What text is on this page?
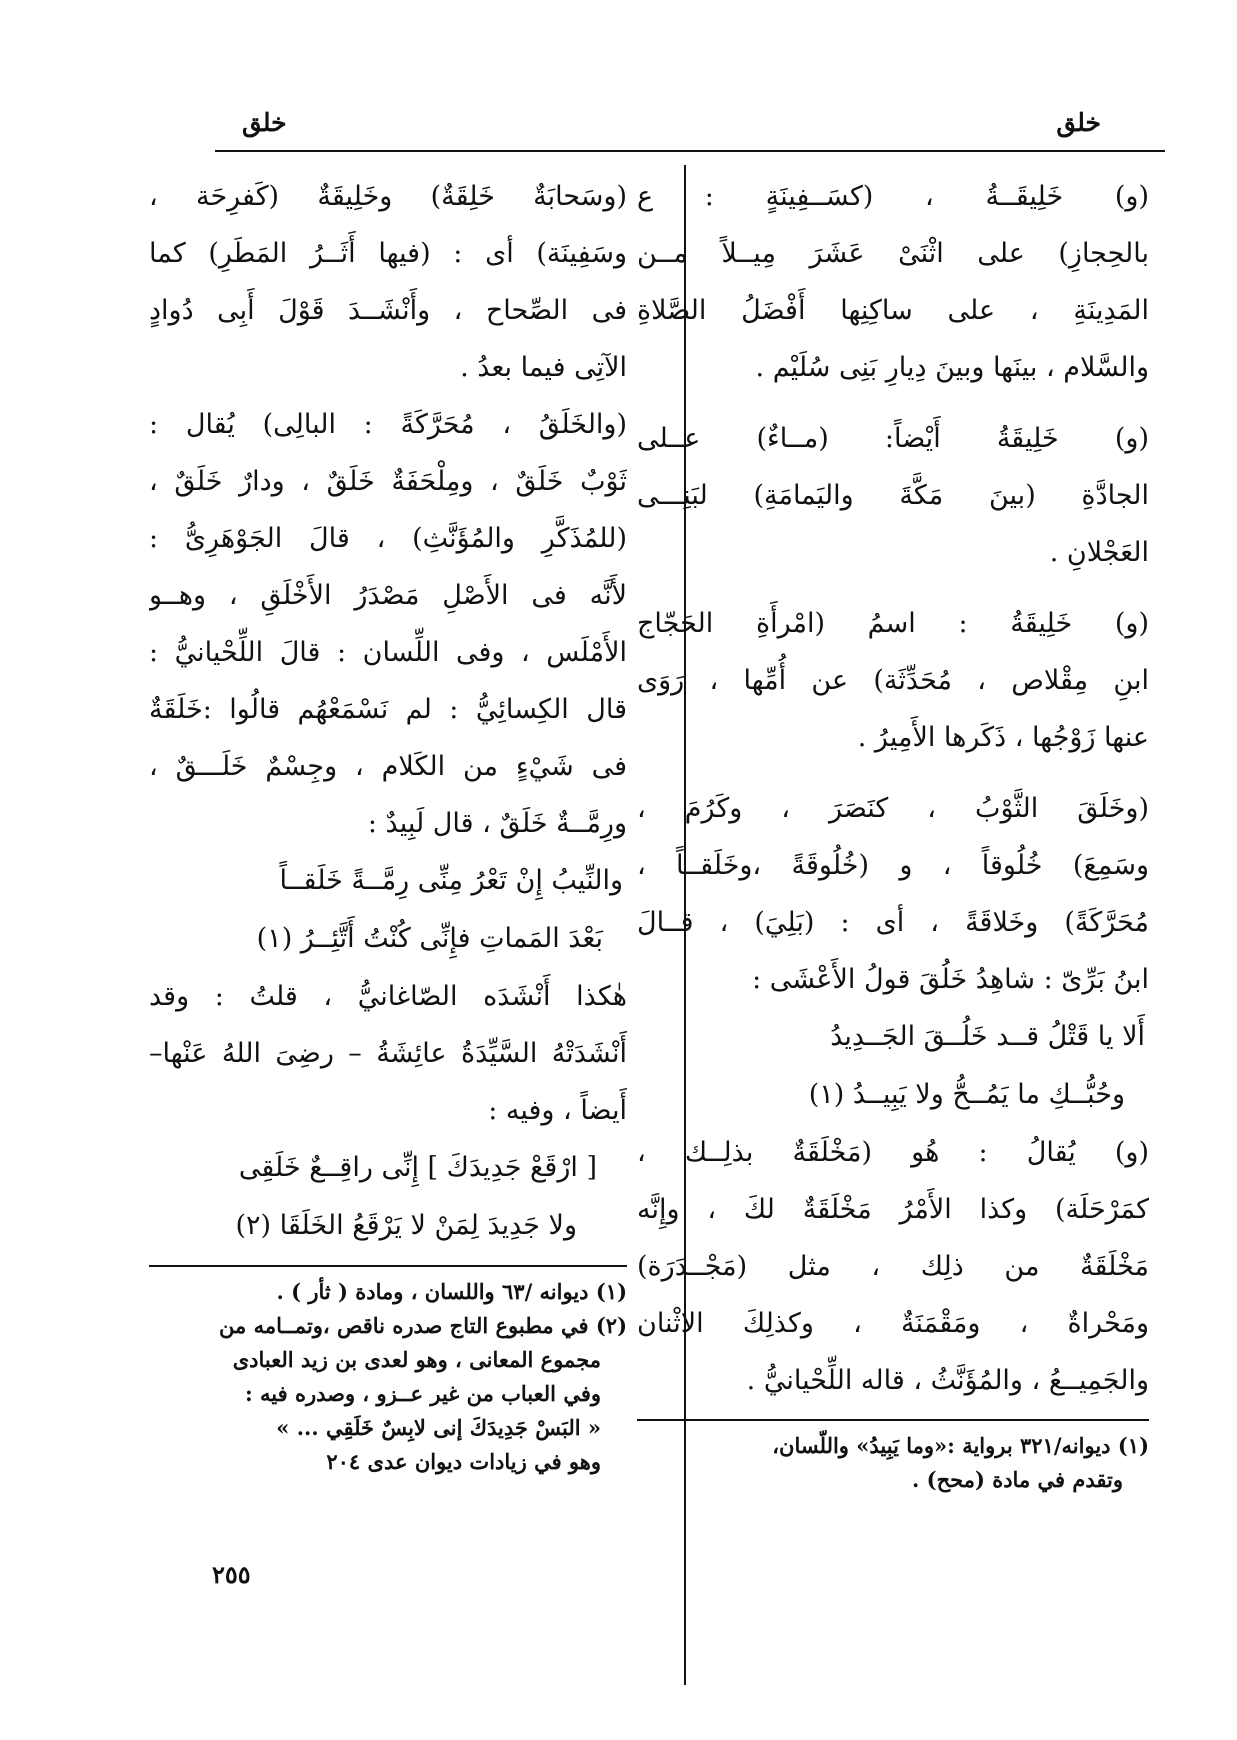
خلق
خلق
(و) خَلِيقَــةُ ، (كسَــفِينَةٍ : ع
بالحِجازِ) على اثْنَىْ عَشَرَ مِيــلاً مــن
المَدِينَةِ ، على ساكِنِها أَفْضَلُ الصَّلاةِ
والسَّلام ، بينَها وبينَ دِيارِ بَنِى سُلَيْم .
(و) خَلِيقَةُ أَيْضاً: (مــاءٌ) عــلى
الجادَّةِ (بينَ مَكَّةَ واليَمامَةِ) لبَنِـــى
العَجْلانِ .
(و) خَلِيقَةُ : اسمُ (امْرأَةِ الحَجّاج
ابنِ مِقْلاص ، مُحَدِّثَة) عن أُمِّها ، رَوَى
عنها زَوْجُها ، ذَكَرها الأَمِيرُ .
(وخَلَقَ الثَّوْبُ ، كنَصَرَ ، وكَرُمَ ،
وسَمِعَ) خُلُوقاً ، و (خُلُوقَةً ،وخَلَقــاً ،
مُحَرَّكَةً) وخَلاقَةً ، أى : (بَلِيَ) ، قــالَ
ابنُ بَرِّىّ : شاهِدُ خَلُقَ قولُ الأَعْشَى :
أَلا يا قَتْلُ قــد خَلُــقَ الجَــدِيدُ
وحُبُّــكِ ما يَمُــحُّ ولا يَبِيــدُ (١)
(و) يُقالُ : هُو (مَخْلَقَةٌ بذلِــك ،
كمَرْحَلَة) وكذا الأَمْرُ مَخْلَقَةٌ لكَ ، وإِنَّه
مَخْلَقَةٌ من ذلِك ، مثل (مَجْــدَرَة)
ومَحْراةٌ ، ومَقْمَنَةٌ ، وكذلِكَ الاثْنان
والجَمِيــعُ ، والمُؤَنَّثُ ، قاله اللِّحْيانيُّ .
(١) ديوانه/٣٢١ برواية :«وما يَبِيدُ» واللّسان،
وتقدم في مادة (محح) .
(وسَحابَةٌ خَلِقَةٌ) وخَلِيقَةٌ (كَفرِحَة ،
وسَفِينَة) أى : (فيها أَثَــرُ المَطَرِ) كما
فى الصِّحاح ، وأَنْشَــدَ قَوْلَ أَبِى دُوادٍ
الآتِى فيما بعدُ .
(والخَلَقُ ، مُحَرَّكَةً : البالِى) يُقال :
ثَوْبٌ خَلَقٌ ، ومِلْحَفَةٌ خَلَقٌ ، ودارٌ خَلَقٌ ،
(للمُذَكَّرِ والمُؤَنَّثِ) ، قالَ الجَوْهَرِىُّ :
لأَنَّه فى الأَصْلِ مَصْدَرُ الأَخْلَقِ ، وهــو
الأَمْلَس ، وفى اللِّسان : قالَ اللِّحْيانيُّ :
قال الكِسائِيُّ : لم نَسْمَعْهُم قالُوا :خَلَقَةٌ
فى شَيْءٍ من الكَلام ، وجِسْمٌ خَلَـــقٌ ،
ورِمَّــةٌ خَلَقٌ ، قال لَبِيدٌ :
والنِّيبُ إِنْ تَعْرُ مِنِّى رِمَّــةً خَلَقــاً
بَعْدَ المَماتِ فإِنِّى كُنْتُ أَتَّئِــرُ (١)
هٰكذا أَنْشَدَه الصّاغانيُّ ، قلتُ : وقد
أَنْشَدَتْهُ السَّيِّدَةُ عائِشَةُ – رضِىَ اللهُ عَنْها–
أَيضاً ، وفيه :
[ ارْقَعْ جَدِيدَكَ ] إِنِّى راقِــعٌ خَلَقِى
ولا جَدِيدَ لِمَنْ لا يَرْقَعُ الخَلَقَا (٢)
(١) ديوانه /٦٣ واللسان ، ومادة ( ثأر ) .
(٢) في مطبوع التاج صدره ناقص ،وتمــامه من
مجموع المعانى ، وهو لعدى بن زيد العبادى
وفي العباب من غير عــزو ، وصدره فيه :
« البَسْ جَدِيدَكَ إنى لابِسٌ خَلَقِي ... »
وهو في زيادات ديوان عدى ٢٠٤
٢٥٥
